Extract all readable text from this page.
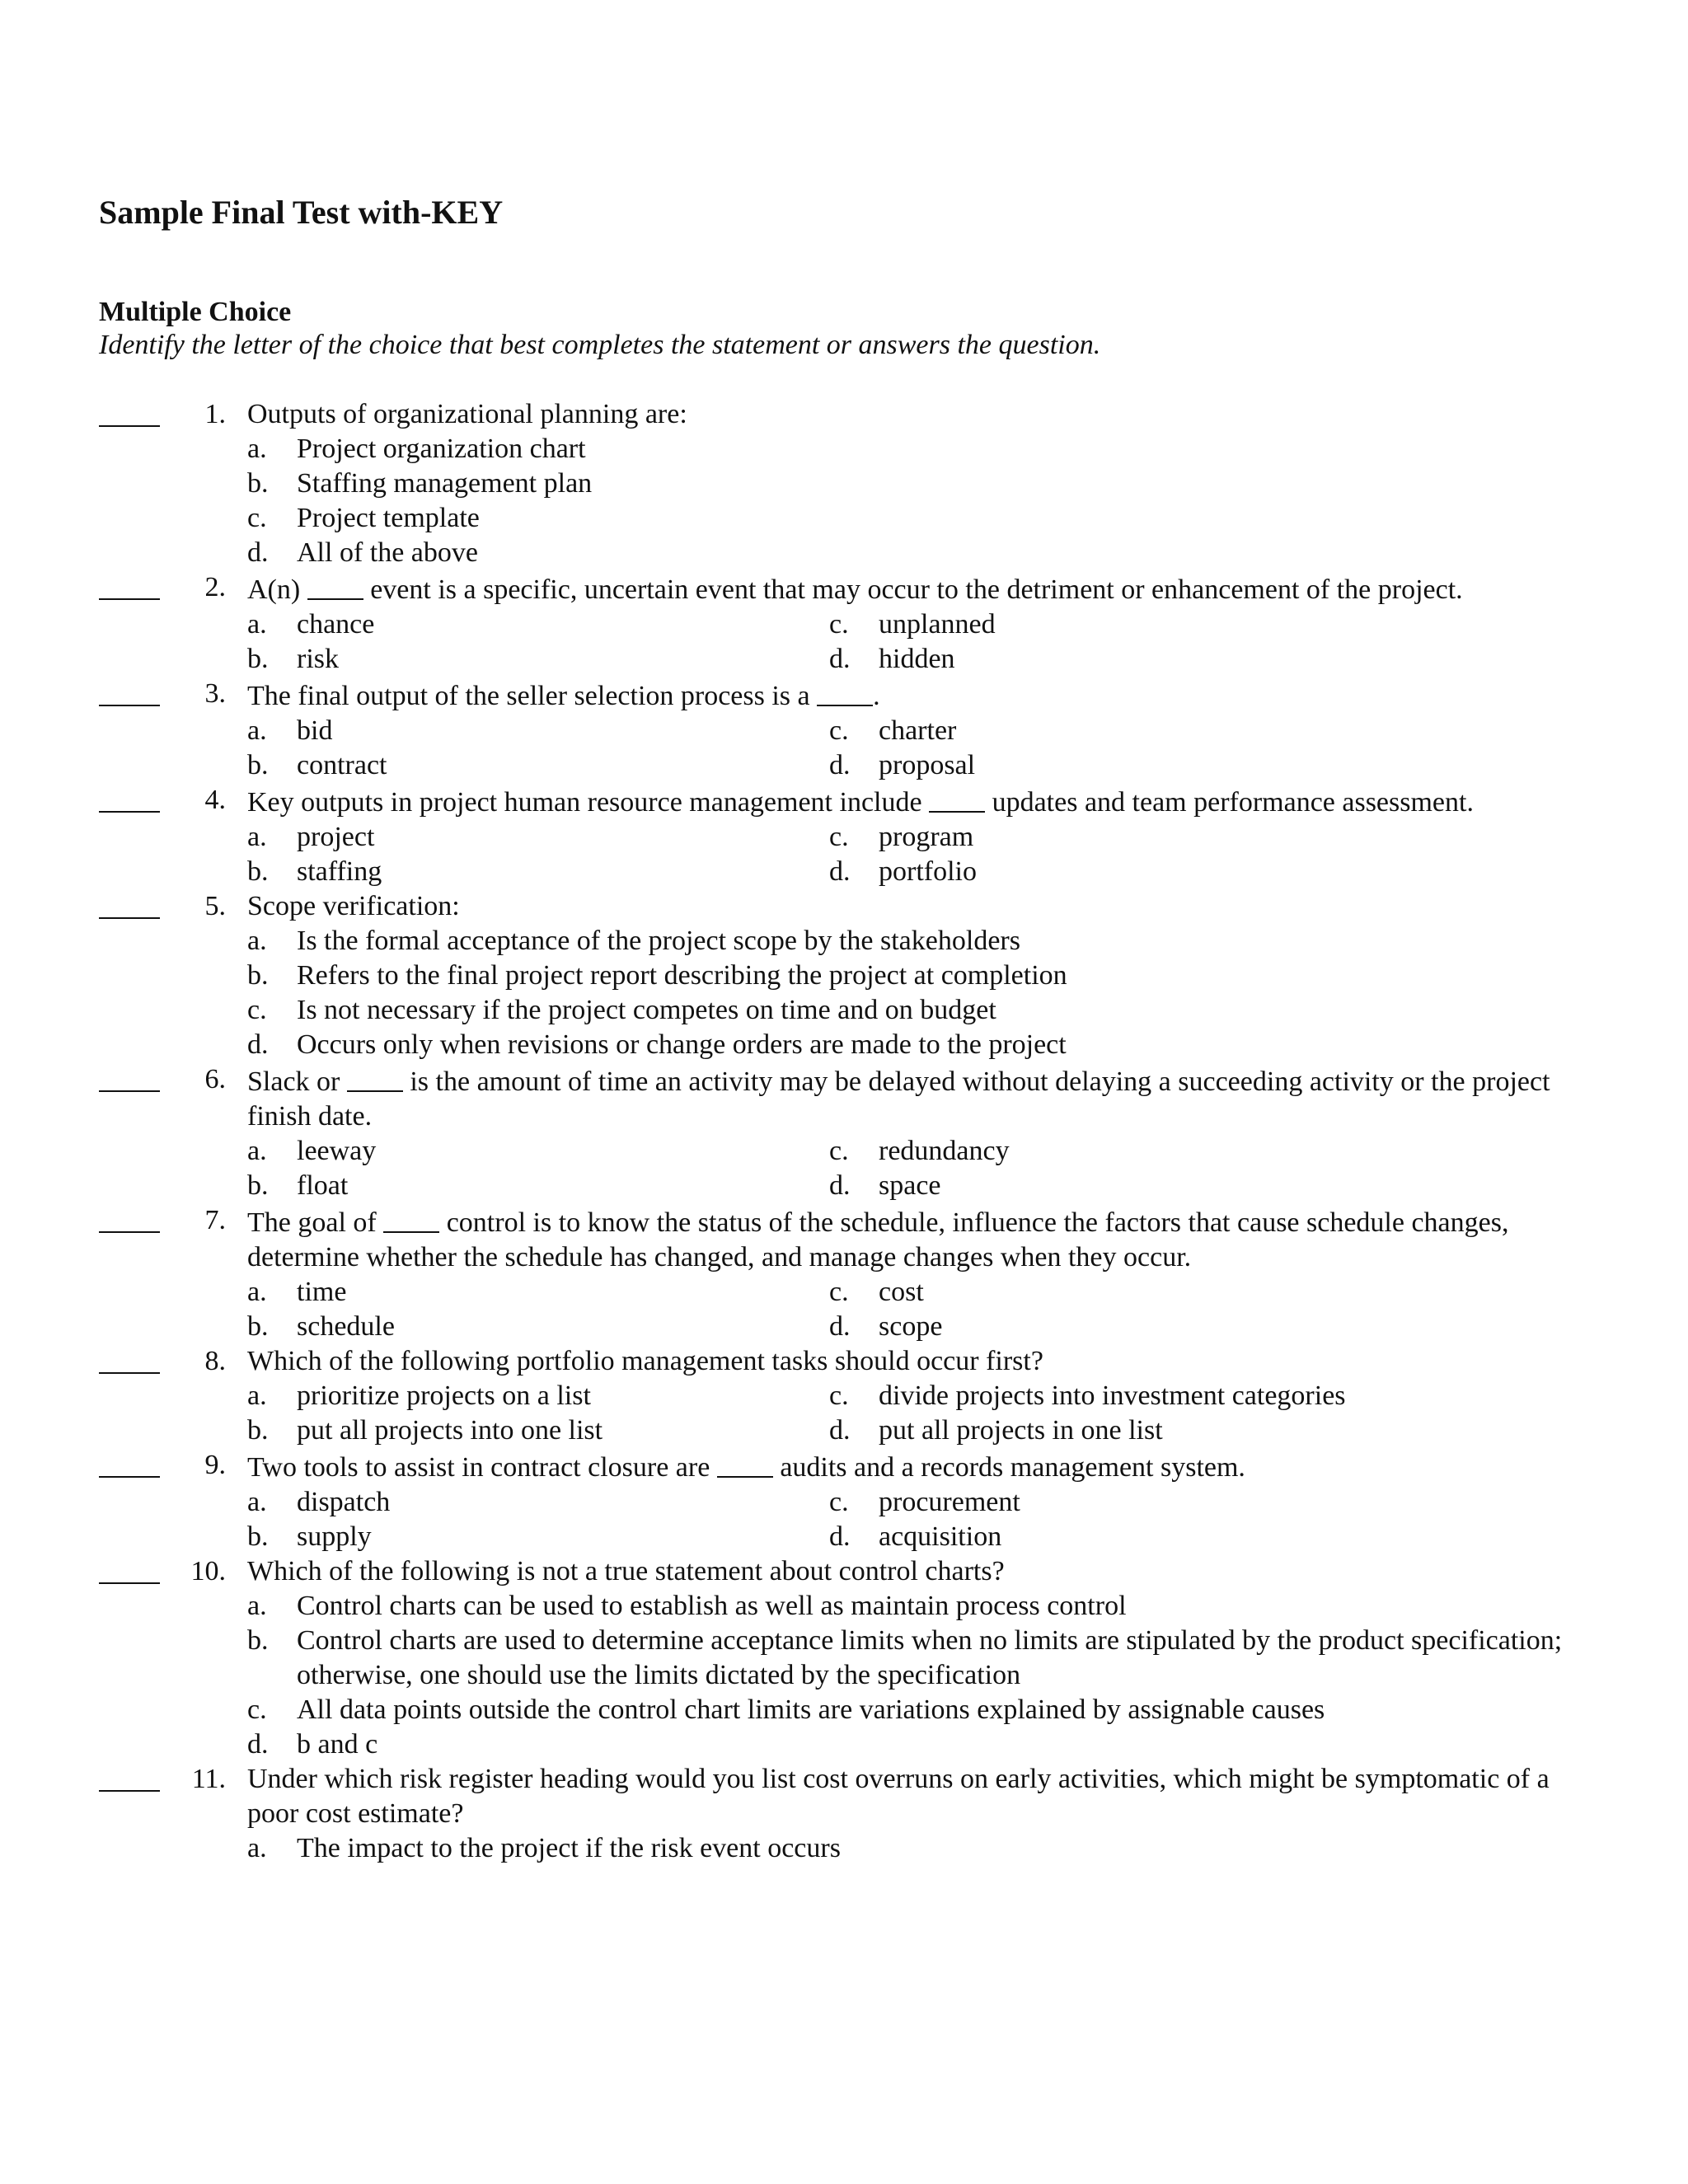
Sample Final Test with-KEY
Multiple Choice
Identify the letter of the choice that best completes the statement or answers the question.
1. Outputs of organizational planning are:
a.	Project organization chart
b.	Staffing management plan
c.	Project template
d.	All of the above
2. A(n)  event is a specific, uncertain event that may occur to the detriment or enhancement of the project.
a.	chance	c.	unplanned
b.	risk	d.	hidden
3. The final output of the seller selection process is a .
a.	bid	c.	charter
b.	contract	d.	proposal
4. Key outputs in project human resource management include  updates and team performance assessment.
a.	project	c.	program
b.	staffing	d.	portfolio
5. Scope verification:
a.	Is the formal acceptance of the project scope by the stakeholders
b.	Refers to the final project report describing the project at completion
c.	Is not necessary if the project competes on time and on budget
d.	Occurs only when revisions or change orders are made to the project
6. Slack or  is the amount of time an activity may be delayed without delaying a succeeding activity or the project finish date.
a.	leeway	c.	redundancy
b.	float	d.	space
7. The goal of  control is to know the status of the schedule, influence the factors that cause schedule changes, determine whether the schedule has changed, and manage changes when they occur.
a.	time	c.	cost
b.	schedule	d.	scope
8. Which of the following portfolio management tasks should occur first?
a.	prioritize projects on a list	c.	divide projects into investment categories
b.	put all projects into one list	d.	put all projects in one list
9. Two tools to assist in contract closure are  audits and a records management system.
a.	dispatch	c.	procurement
b.	supply	d.	acquisition
10. Which of the following is not a true statement about control charts?
a.	Control charts can be used to establish as well as maintain process control
b.	Control charts are used to determine acceptance limits when no limits are stipulated by the product specification; otherwise, one should use the limits dictated by the specification
c.	All data points outside the control chart limits are variations explained by assignable causes
d.	b and c
11. Under which risk register heading would you list cost overruns on early activities, which might be symptomatic of a poor cost estimate?
a.	The impact to the project if the risk event occurs
